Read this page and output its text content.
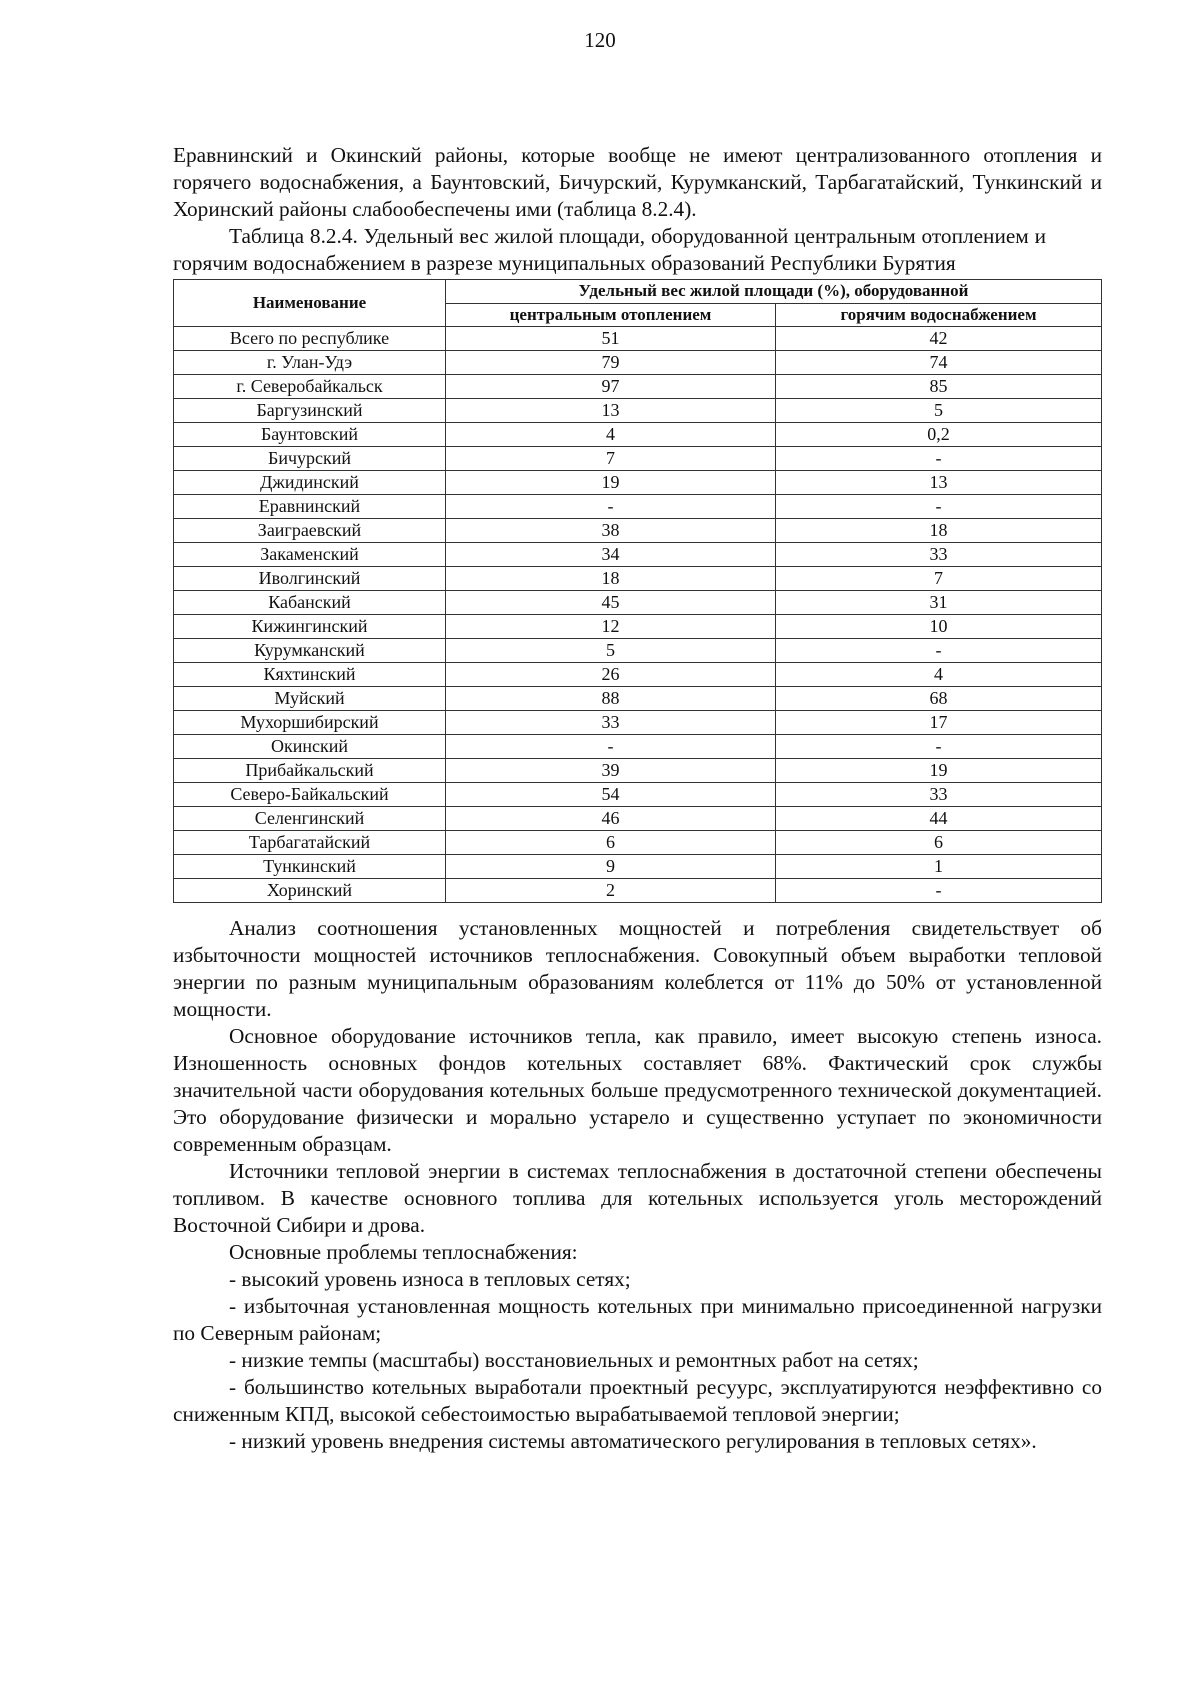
120

Еравнинский и Окинский районы, которые вообще не имеют централизованного отопления и горячего водоснабжения, а Баунтовский, Бичурский, Курумканский, Тарбагатайский, Тункинский и Хоринский районы слабообеспечены ими (таблица 8.2.4).

Таблица 8.2.4. Удельный вес жилой площади, оборудованной центральным отоплением и горячим водоснабжением в разрезе муниципальных образований Республики Бурятия

Наименование	Удельный вес жилой площади (%), оборудованной	
	центральным отоплением	горячим водоснабжением
Всего по республике	51	42
г. Улан-Удэ	79	74
г. Северобайкальск	97	85
Баргузинский	13	5
Баунтовский	4	0,2
Бичурский	7	-
Джидинский	19	13
Еравнинский	-	-
Заиграевский	38	18
Закаменский	34	33
Иволгинский	18	7
Кабанский	45	31
Кижингинский	12	10
Курумканский	5	-
Кяхтинский	26	4
Муйский	88	68
Мухоршибирский	33	17
Окинский	-	-
Прибайкальский	39	19
Северо-Байкальский	54	33
Селенгинский	46	44
Тарбагатайский	6	6
Тункинский	9	1
Хоринский	2	-

Анализ соотношения установленных мощностей и потребления свидетельствует об избыточности мощностей источников теплоснабжения. Совокупный объем выработки тепловой энергии по разным муниципальным образованиям колеблется от 11% до 50% от установленной мощности.

Основное оборудование источников тепла, как правило, имеет высокую степень износа. Изношенность основных фондов котельных составляет 68%. Фактический срок службы значительной части оборудования котельных больше предусмотренного технической документацией. Это оборудование физически и морально устарело и существенно уступает по экономичности современным образцам.

Источники тепловой энергии в системах теплоснабжения в достаточной степени обеспечены топливом. В качестве основного топлива для котельных используется уголь месторождений Восточной Сибири и дрова.

Основные проблемы теплоснабжения:

- высокий уровень износа в тепловых сетях;

- избыточная установленная мощность котельных при минимально присоединенной нагрузки по Северным районам;

- низкие темпы (масштабы) восстановиельных и ремонтных работ на сетях;

- большинство котельных выработали проектный ресуурс, эксплуатируются неэффективно со сниженным КПД, высокой себестоимостью вырабатываемой тепловой энергии;

- низкий уровень внедрения системы автоматического регулирования в тепловых сетях».
